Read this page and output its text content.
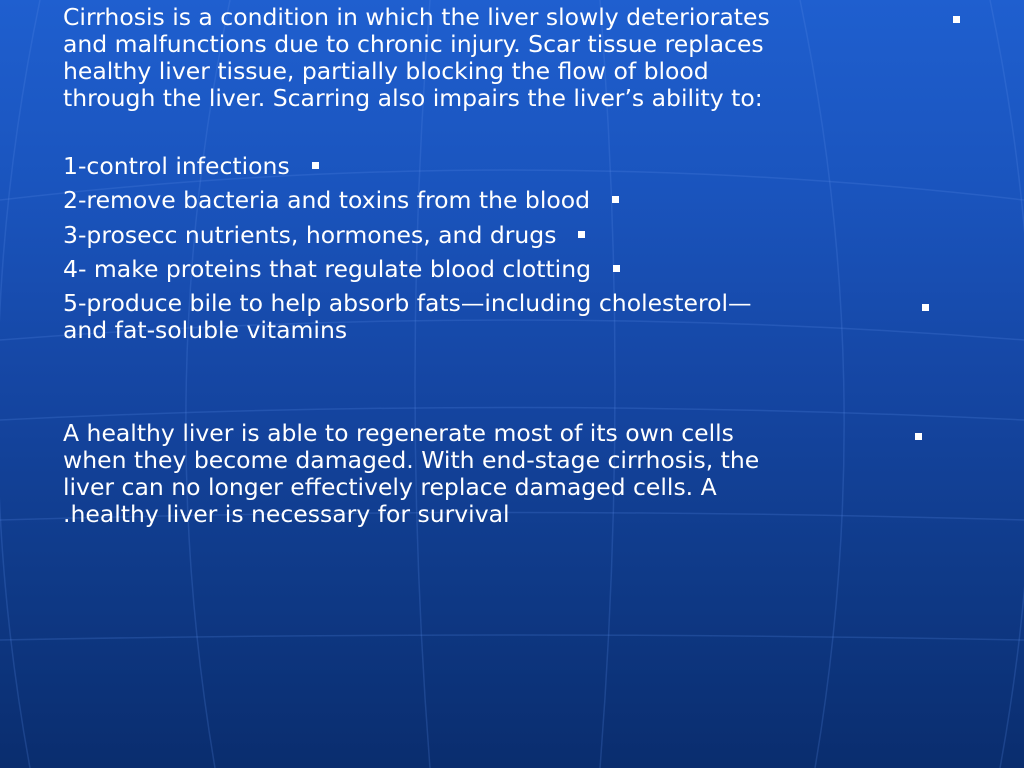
Cirrhosis is a condition in which the liver slowly deteriorates
and malfunctions due to chronic injury. Scar tissue replaces
healthy liver tissue, partially blocking the flow of blood
through the liver. Scarring also impairs the liver’s ability to:
1-control infections
2-remove bacteria and toxins from the blood
3-prosecc nutrients, hormones, and drugs
4- make proteins that regulate blood clotting
5-produce bile to help absorb fats—including cholesterol—
and fat-soluble vitamins
A healthy liver is able to regenerate most of its own cells
when they become damaged. With end-stage cirrhosis, the
liver can no longer effectively replace damaged cells. A
.healthy liver is necessary for survival
